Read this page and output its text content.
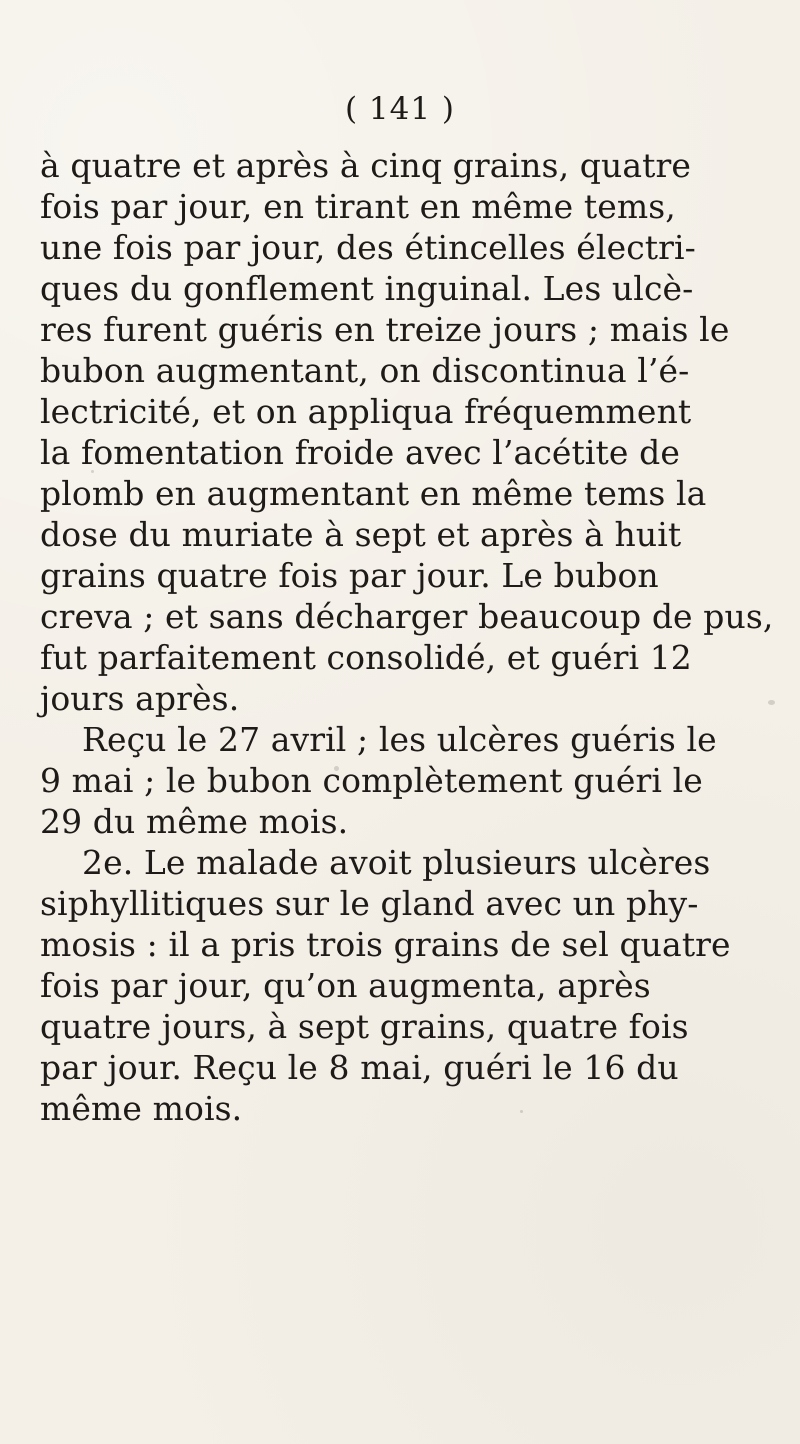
( 141 )
à quatre et après à cinq grains, quatre
fois par jour, en tirant en même tems,
une fois par jour, des étincelles électri-
ques du gonflement inguinal. Les ulcè-
res furent guéris en treize jours ; mais le
bubon augmentant, on discontinua l’é-
lectricité, et on appliqua fréquemment
la fomentation froide avec l’acétite de
plomb en augmentant en même tems la
dose du muriate à sept et après à huit
grains quatre fois par jour. Le bubon
creva ; et sans décharger beaucoup de pus,
fut parfaitement consolidé, et guéri 12
jours après.
Reçu le 27 avril ; les ulcères guéris le
9 mai ; le bubon complètement guéri le
29 du même mois.
2e. Le malade avoit plusieurs ulcères
siphyllitiques sur le gland avec un phy-
mosis : il a pris trois grains de sel quatre
fois par jour, qu’on augmenta, après
quatre jours, à sept grains, quatre fois
par jour. Reçu le 8 mai, guéri le 16 du
même mois.
